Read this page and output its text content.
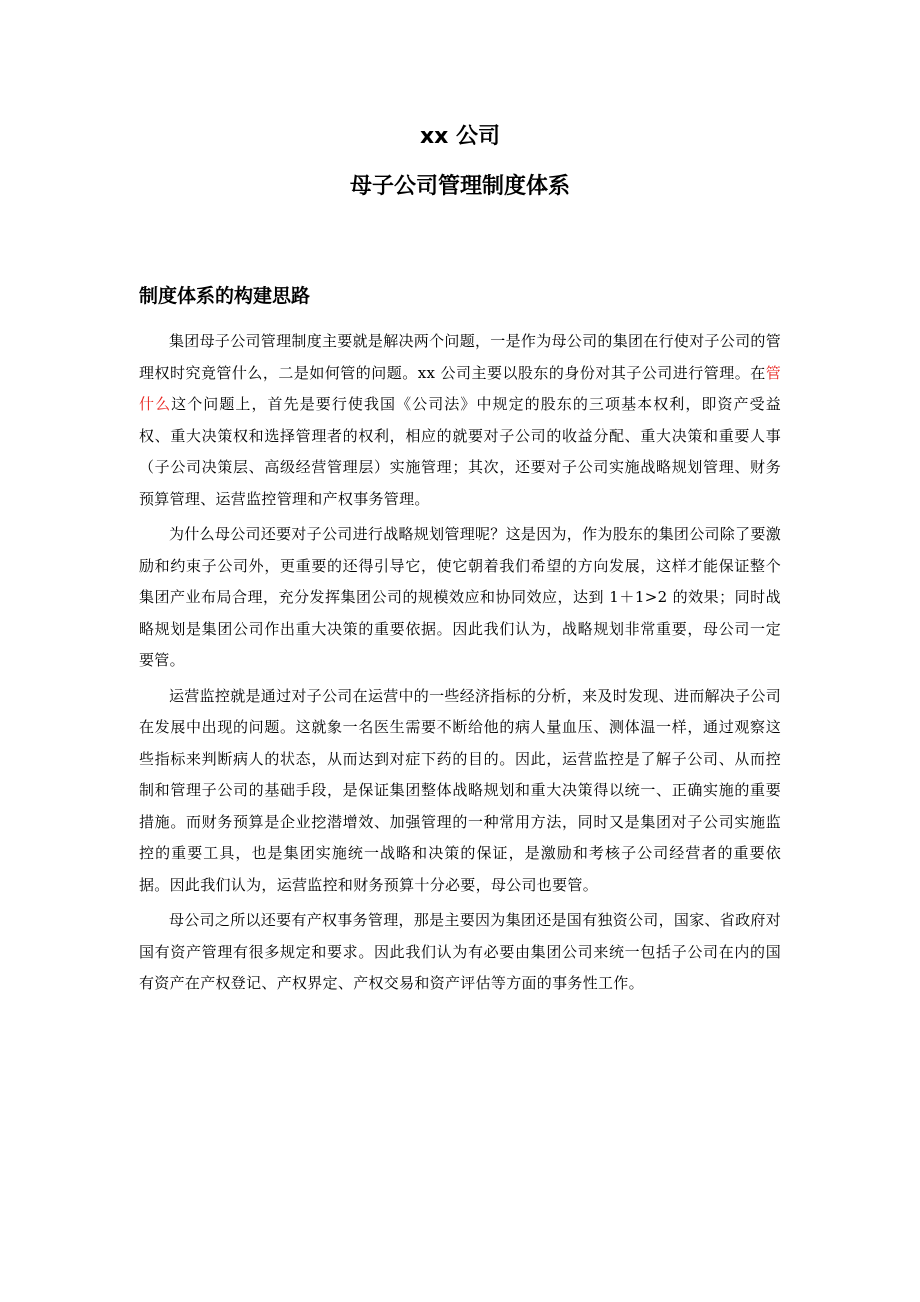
xx 公司
母子公司管理制度体系
制度体系的构建思路

集团母子公司管理制度主要就是解决两个问题，一是作为母公司的集团在行使对子公司的管理权时究竟管什么，二是如何管的问题。xx 公司主要以股东的身份对其子公司进行管理。在管什么这个问题上，首先是要行使我国《公司法》中规定的股东的三项基本权利，即资产受益权、重大决策权和选择管理者的权利，相应的就要对子公司的收益分配、重大决策和重要人事（子公司决策层、高级经营管理层）实施管理；其次，还要对子公司实施战略规划管理、财务预算管理、运营监控管理和产权事务管理。

为什么母公司还要对子公司进行战略规划管理呢？这是因为，作为股东的集团公司除了要激励和约束子公司外，更重要的还得引导它，使它朝着我们希望的方向发展，这样才能保证整个集团产业布局合理，充分发挥集团公司的规模效应和协同效应，达到 1＋1>2 的效果；同时战略规划是集团公司作出重大决策的重要依据。因此我们认为，战略规划非常重要，母公司一定要管。

运营监控就是通过对子公司在运营中的一些经济指标的分析，来及时发现、进而解决子公司在发展中出现的问题。这就象一名医生需要不断给他的病人量血压、测体温一样，通过观察这些指标来判断病人的状态，从而达到对症下药的目的。因此，运营监控是了解子公司、从而控制和管理子公司的基础手段，是保证集团整体战略规划和重大决策得以统一、正确实施的重要措施。而财务预算是企业挖潜增效、加强管理的一种常用方法，同时又是集团对子公司实施监控的重要工具，也是集团实施统一战略和决策的保证，是激励和考核子公司经营者的重要依据。因此我们认为，运营监控和财务预算十分必要，母公司也要管。

母公司之所以还要有产权事务管理，那是主要因为集团还是国有独资公司，国家、省政府对国有资产管理有很多规定和要求。因此我们认为有必要由集团公司来统一包括子公司在内的国有资产在产权登记、产权界定、产权交易和资产评估等方面的事务性工作。
